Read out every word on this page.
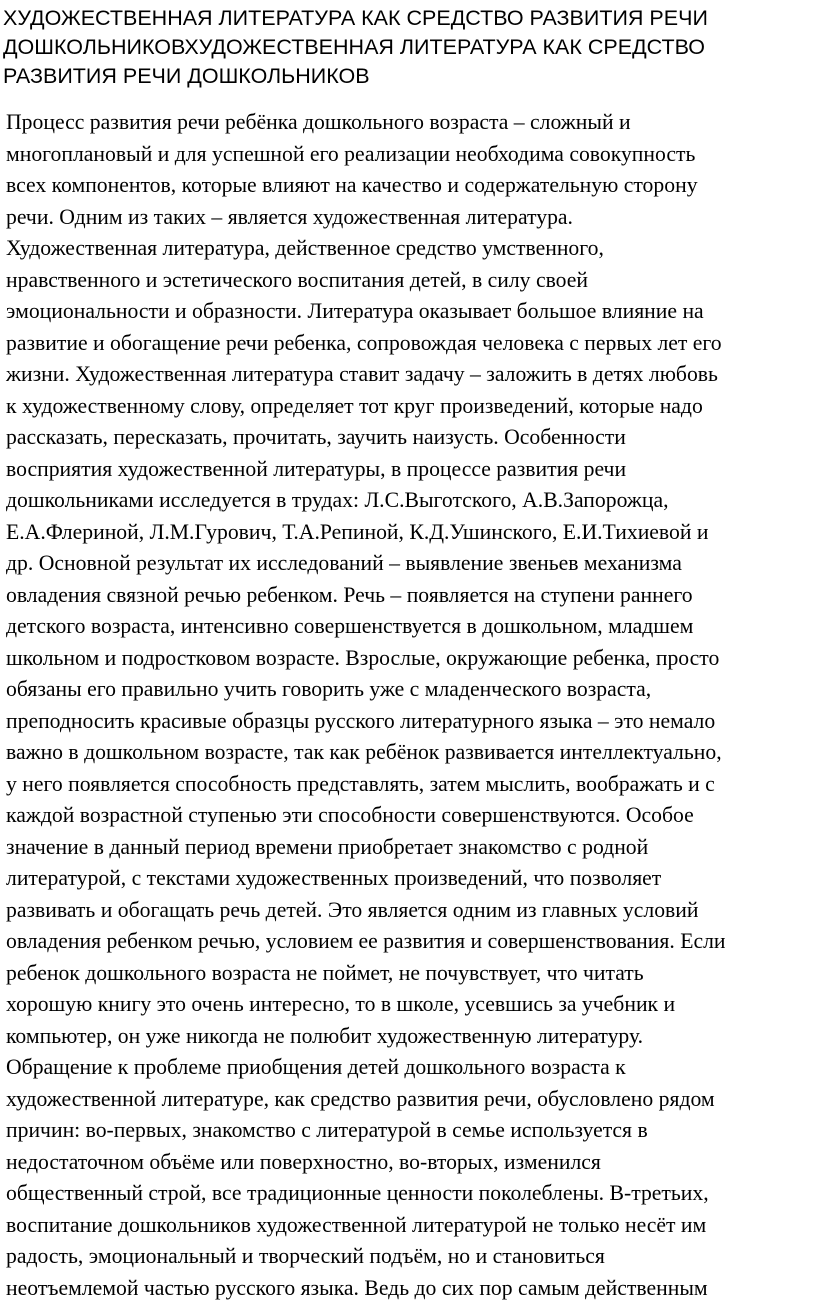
ХУДОЖЕСТВЕННАЯ ЛИТЕРАТУРА КАК СРЕДСТВО РАЗВИТИЯ РЕЧИ
ДОШКОЛЬНИКОВХУДОЖЕСТВЕННАЯ ЛИТЕРАТУРА КАК СРЕДСТВО
РАЗВИТИЯ РЕЧИ ДОШКОЛЬНИКОВ
Процесс развития речи ребёнка дошкольного возраста – сложный и
многоплановый и для успешной его реализации необходима совокупность
всех компонентов, которые влияют на качество и содержательную сторону
речи. Одним из таких – является художественная литература.
Художественная литература, действенное средство умственного,
нравственного и эстетического воспитания детей, в силу своей
эмоциональности и образности. Литература оказывает большое влияние на
развитие и обогащение речи ребенка, сопровождая человека с первых лет его
жизни. Художественная литература ставит задачу – заложить в детях любовь
к художественному слову, определяет тот круг произведений, которые надо
рассказать, пересказать, прочитать, заучить наизусть. Особенности
восприятия художественной литературы, в процессе развития речи
дошкольниками исследуется в трудах: Л.С.Выготского, А.В.Запорожца,
Е.А.Флериной, Л.М.Гурович, Т.А.Репиной, К.Д.Ушинского, Е.И.Тихиевой и
др. Основной результат их исследований – выявление звеньев механизма
овладения связной речью ребенком. Речь – появляется на ступени раннего
детского возраста, интенсивно совершенствуется в дошкольном, младшем
школьном и подростковом возрасте. Взрослые, окружающие ребенка, просто
обязаны его правильно учить говорить уже с младенческого возраста,
преподносить красивые образцы русского литературного языка – это немало
важно в дошкольном возрасте, так как ребёнок развивается интеллектуально,
у него появляется способность представлять, затем мыслить, воображать и с
каждой возрастной ступенью эти способности совершенствуются. Особое
значение в данный период времени приобретает знакомство с родной
литературой, с текстами художественных произведений, что позволяет
развивать и обогащать речь детей. Это является одним из главных условий
овладения ребенком речью, условием ее развития и совершенствования. Если
ребенок дошкольного возраста не поймет, не почувствует, что читать
хорошую книгу это очень интересно, то в школе, усевшись за учебник и
компьютер, он уже никогда не полюбит художественную литературу.
Обращение к проблеме приобщения детей дошкольного возраста к
художественной литературе, как средство развития речи, обусловлено рядом
причин: во-первых, знакомство с литературой в семье используется в
недостаточном объёме или поверхностно, во-вторых, изменился
общественный строй, все традиционные ценности поколеблены. В-третьих,
воспитание дошкольников художественной литературой не только несёт им
радость, эмоциональный и творческий подъём, но и становиться
неотъемлемой частью русского языка. Ведь до сих пор самым действенным
